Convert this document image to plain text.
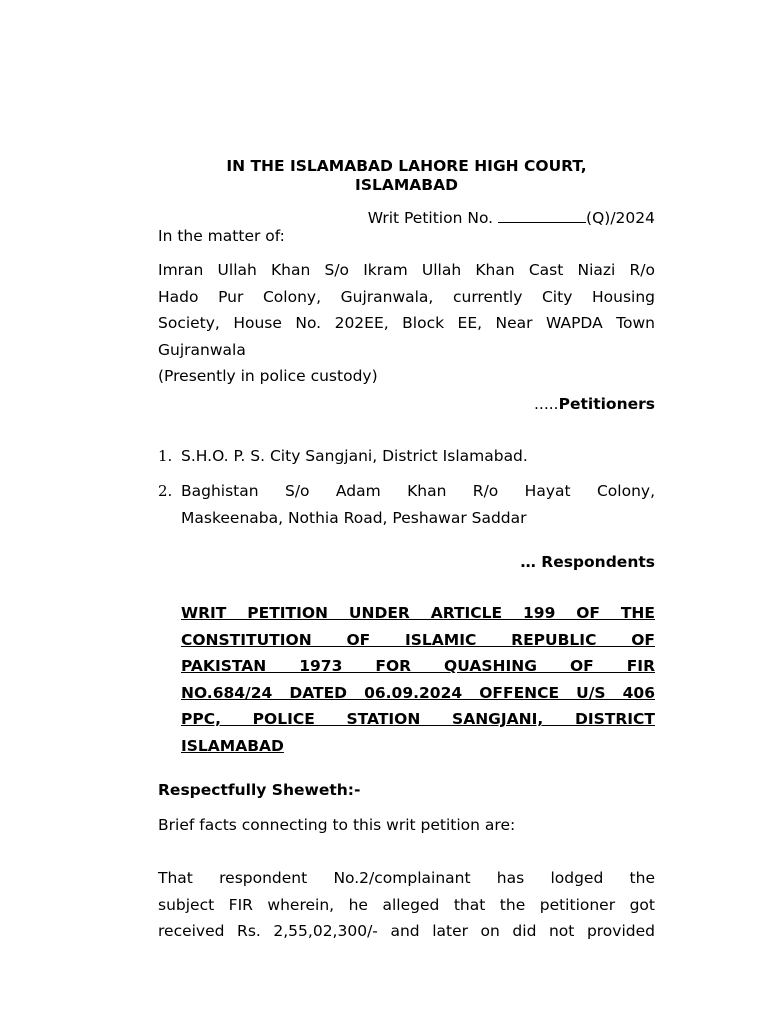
IN THE ISLAMABAD LAHORE HIGH COURT,
ISLAMABAD
Writ Petition No.	(Q)/2024
In the matter of:
Imran Ullah Khan S/o Ikram Ullah Khan Cast Niazi R/o
Hado Pur Colony, Gujranwala, currently City Housing
Society, House No. 202EE, Block EE, Near WAPDA Town
Gujranwala
(Presently in police custody)
.....Petitioners
1. S.H.O. P. S. City Sangjani, District Islamabad.
2. Baghistan S/o Adam Khan R/o Hayat Colony,
Maskeenaba, Nothia Road, Peshawar Saddar
… Respondents
WRIT PETITION UNDER ARTICLE 199 OF THE
CONSTITUTION OF ISLAMIC REPUBLIC OF
PAKISTAN 1973 FOR QUASHING OF FIR
NO.684/24 DATED 06.09.2024 OFFENCE U/S 406
PPC, POLICE STATION SANGJANI, DISTRICT
ISLAMABAD
Respectfully Sheweth:-
Brief facts connecting to this writ petition are:
That respondent No.2/complainant has lodged the
subject FIR wherein, he alleged that the petitioner got
received Rs. 2,55,02,300/- and later on did not provided
